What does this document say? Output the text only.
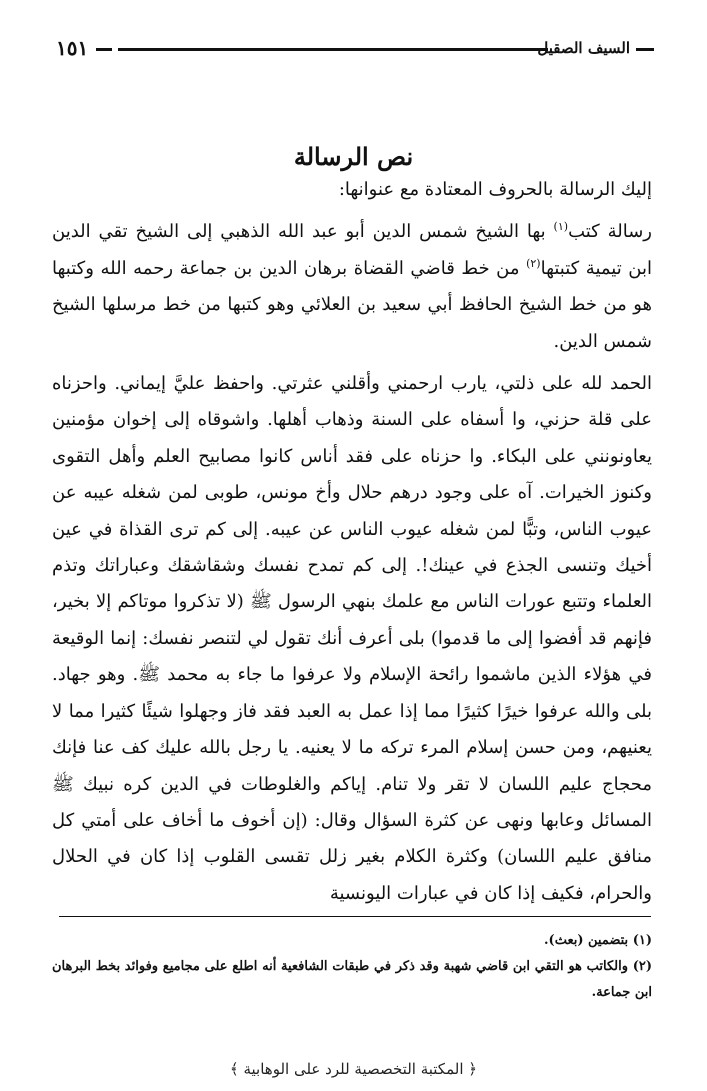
١٥١	السيف الصقيل
نص الرسالة

إليك الرسالة بالحروف المعتادة مع عنوانها:

رسالة كتب$^{(١)}$ بها الشيخ شمس الدين أبو عبد الله الذهبي إلى الشيخ تقي الدين ابن تيمية كتبتها$^{(٢)}$ من خط قاضي القضاة برهان الدين بن جماعة رحمه الله وكتبها هو من خط الشيخ الحافظ أبي سعيد بن العلائي وهو كتبها من خط مرسلها الشيخ شمس الدين.

الحمد لله على ذلتي، يارب ارحمني وأقلني عثرتي. واحفظ عليَّ إيماني. واحزناه على قلة حزني، وا أسفاه على السنة وذهاب أهلها. واشوقاه إلى إخوان مؤمنين يعاونونني على البكاء. وا حزناه على فقد أناس كانوا مصابيح العلم وأهل التقوى وكنوز الخيرات. آه على وجود درهم حلال وأخ مونس، طوبى لمن شغله عيبه عن عيوب الناس، وتبًّا لمن شغله عيوب الناس عن عيبه. إلى كم ترى القذاة في عين أخيك وتنسى الجذع في عينك!. إلى كم تمدح نفسك وشقاشقك وعباراتك وتذم العلماء وتتبع عورات الناس مع علمك بنهي الرسول ﷺ (لا تذكروا موتاكم إلا بخير، فإنهم قد أفضوا إلى ما قدموا) بلى أعرف أنك تقول لي لتنصر نفسك: إنما الوقيعة في هؤلاء الذين ماشموا رائحة الإسلام ولا عرفوا ما جاء به محمد ﷺ. وهو جهاد. بلى والله عرفوا خيرًا كثيرًا مما إذا عمل به العبد فقد فاز وجهلوا شيئًا كثيرا مما لا يعنيهم، ومن حسن إسلام المرء تركه ما لا يعنيه. يا رجل بالله عليك كف عنا فإنك محجاج عليم اللسان لا تقر ولا تنام. إياكم والغلوطات في الدين كره نبيك ﷺ المسائل وعابها ونهى عن كثرة السؤال وقال: (إن أخوف ما أخاف على أمتي كل منافق عليم اللسان) وكثرة الكلام بغير زلل تقسى القلوب إذا كان في الحلال والحرام، فكيف إذا كان في عبارات اليونسية

(١) بتضمين (بعث).

(٢) والكاتب هو التقي ابن قاضي شهبة وقد ذكر في طبقات الشافعية أنه اطلع على مجاميع وفوائد بخط البرهان ابن جماعة.

﴿ المكتبة التخصصية للرد على الوهابية ﴾
